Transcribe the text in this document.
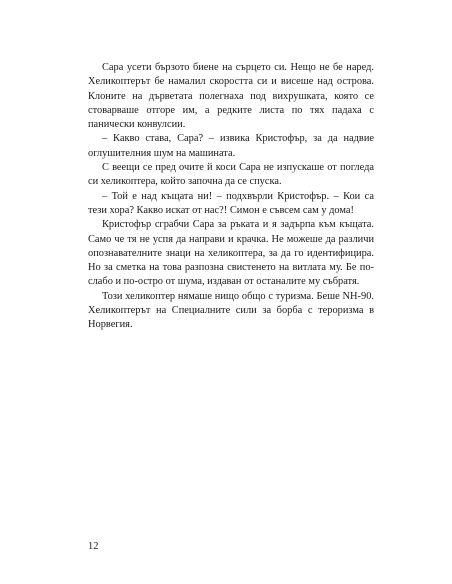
Сара усети бързото биене на сърцето си. Нещо не бе наред. Хеликоптерът бе намалил скоростта си и висеше над острова. Клоните на дърветата полегнаха под вихрушката, която се стоварваше отгоре им, а редките листа по тях падаха с панически конвулсии.

– Какво става, Сара? – извика Кристофър, за да надвие оглушителния шум на машината.

С веещи се пред очите й коси Сара не изпускаше от погледа си хеликоптера, който започна да се спуска.

– Той е над къщата ни! – подхвърли Кристофър. – Кои са тези хора? Какво искат от нас?! Симон е съвсем сам у дома!

Кристофър сграбчи Сара за ръката и я задърпа към къщата. Само че тя не успя да направи и крачка. Не можеше да различи опознавателните знаци на хеликоптера, за да го идентифицира. Но за сметка на това разпозна свистенето на витлата му. Бе по-слабо и по-остро от шума, издаван от останалите му събратя.

Този хеликоптер нямаше нищо общо с туризма. Беше NH-90. Хеликоптерът на Специалните сили за борба с тероризма в Норвегия.

12
